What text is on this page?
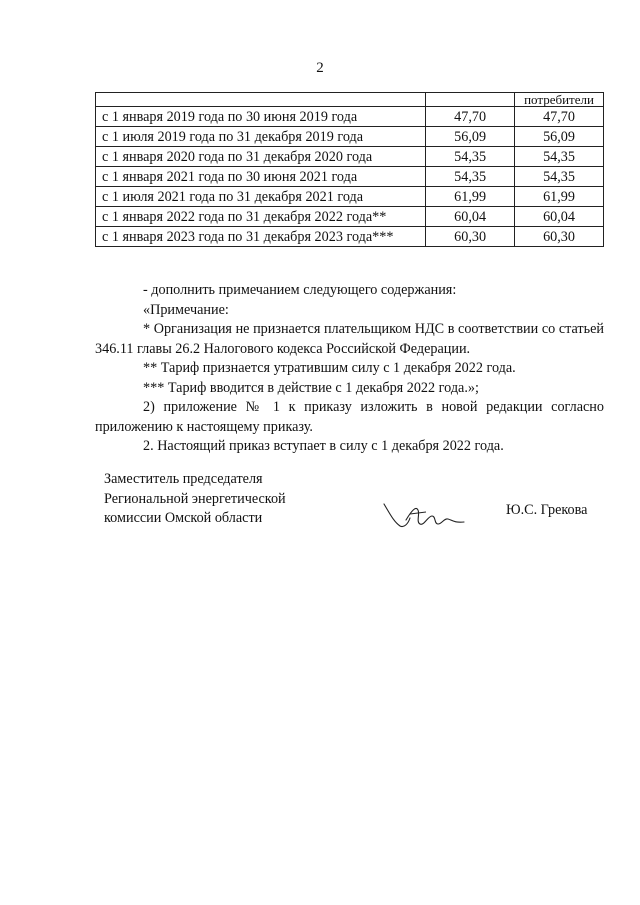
2
		потребители
с 1 января 2019 года по 30 июня 2019 года	47,70	47,70
с 1 июля 2019 года по 31 декабря 2019 года	56,09	56,09
с 1 января 2020 года по 31 декабря 2020 года	54,35	54,35
с 1 января 2021 года по 30 июня 2021 года	54,35	54,35
с 1 июля 2021 года по 31 декабря 2021 года	61,99	61,99
с 1 января 2022 года по 31 декабря 2022 года**	60,04	60,04
с 1 января 2023 года по 31 декабря 2023 года***	60,30	60,30

- дополнить примечанием следующего содержания:

«Примечание:

* Организация не признается плательщиком НДС в соответствии со статьей 346.11 главы 26.2 Налогового кодекса Российской Федерации.

** Тариф признается утратившим силу с 1 декабря 2022 года.

*** Тариф вводится в действие с 1 декабря 2022 года.»;

2) приложение № 1 к приказу изложить в новой редакции согласно приложению к настоящему приказу.

2. Настоящий приказ вступает в силу с 1 декабря 2022 года.

Заместитель председателя
Региональной энергетической
комиссии Омской области	Ю.С. Грекова
